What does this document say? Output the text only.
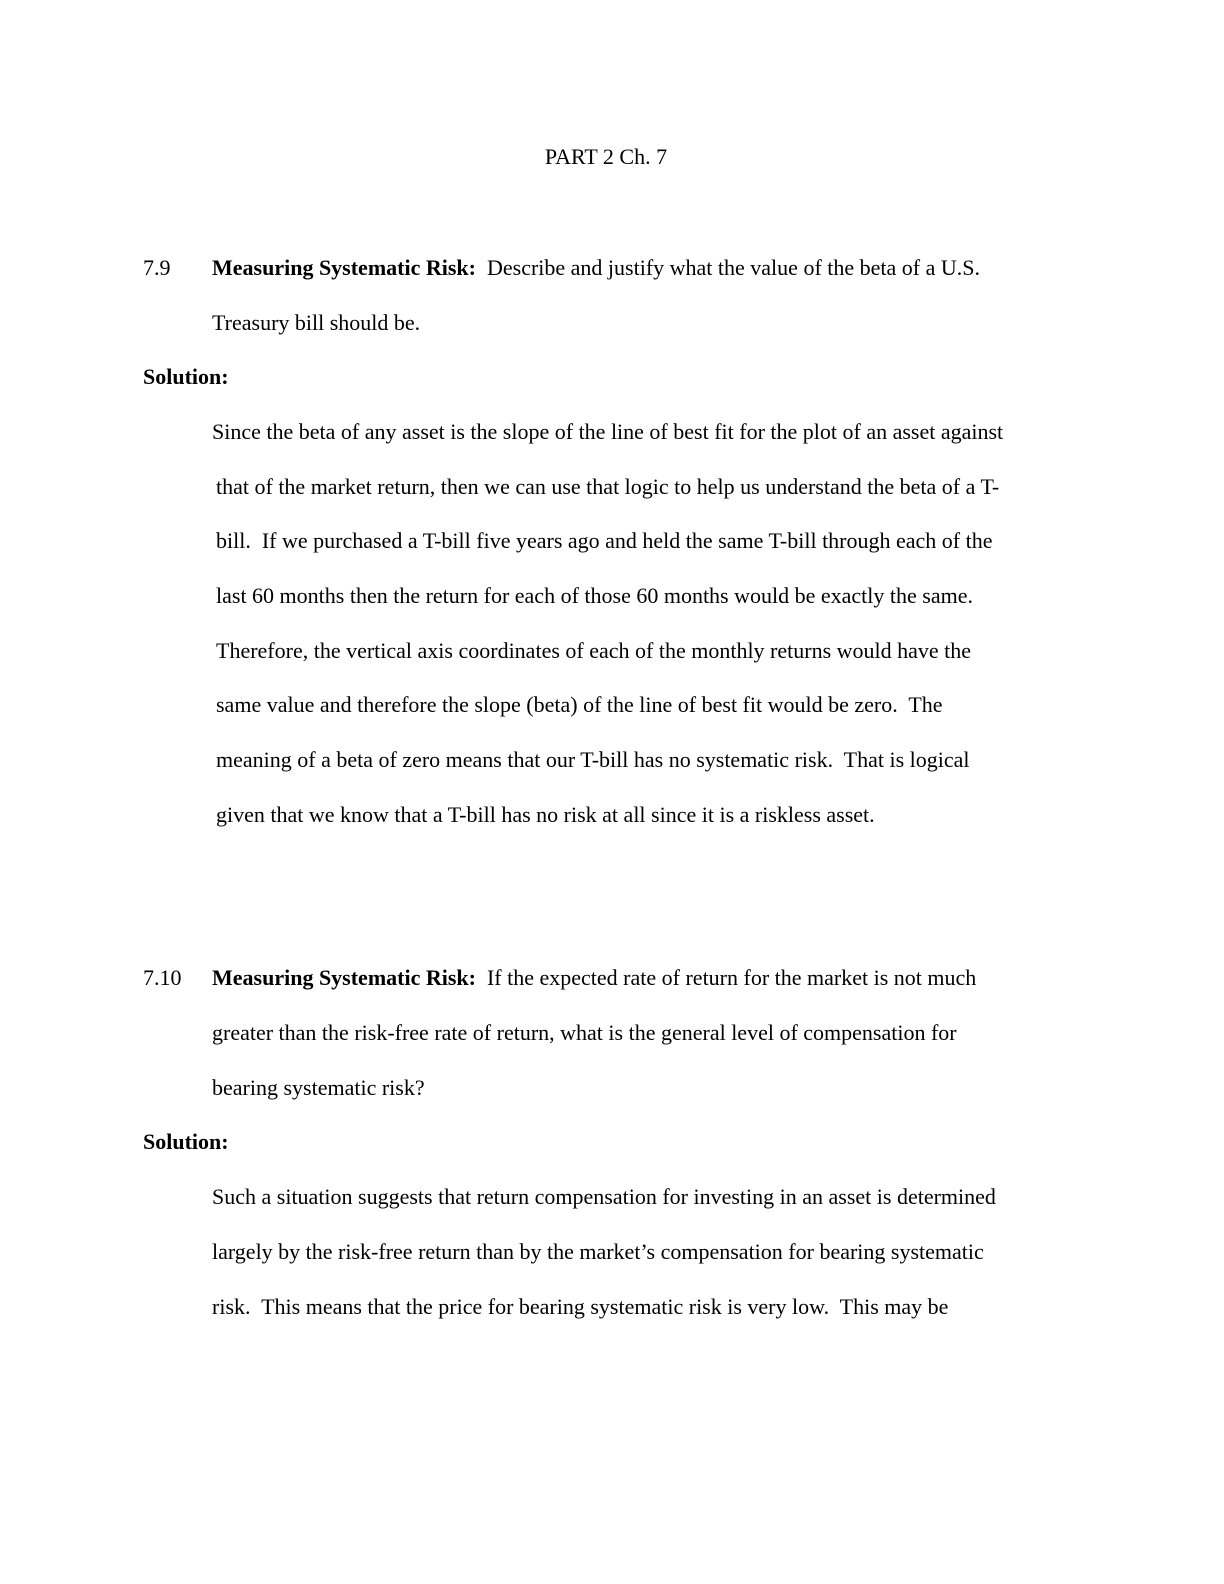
PART 2 Ch. 7
7.9 Measuring Systematic Risk: Describe and justify what the value of the beta of a U.S.
Treasury bill should be.
Solution:
Since the beta of any asset is the slope of the line of best fit for the plot of an asset against
that of the market return, then we can use that logic to help us understand the beta of a T-
bill.  If we purchased a T-bill five years ago and held the same T-bill through each of the
last 60 months then the return for each of those 60 months would be exactly the same.
Therefore, the vertical axis coordinates of each of the monthly returns would have the
same value and therefore the slope (beta) of the line of best fit would be zero.  The
meaning of a beta of zero means that our T-bill has no systematic risk.  That is logical
given that we know that a T-bill has no risk at all since it is a riskless asset.
7.10 Measuring Systematic Risk: If the expected rate of return for the market is not much
greater than the risk-free rate of return, what is the general level of compensation for
bearing systematic risk?
Solution:
Such a situation suggests that return compensation for investing in an asset is determined
largely by the risk-free return than by the market’s compensation for bearing systematic
risk.  This means that the price for bearing systematic risk is very low.  This may be
